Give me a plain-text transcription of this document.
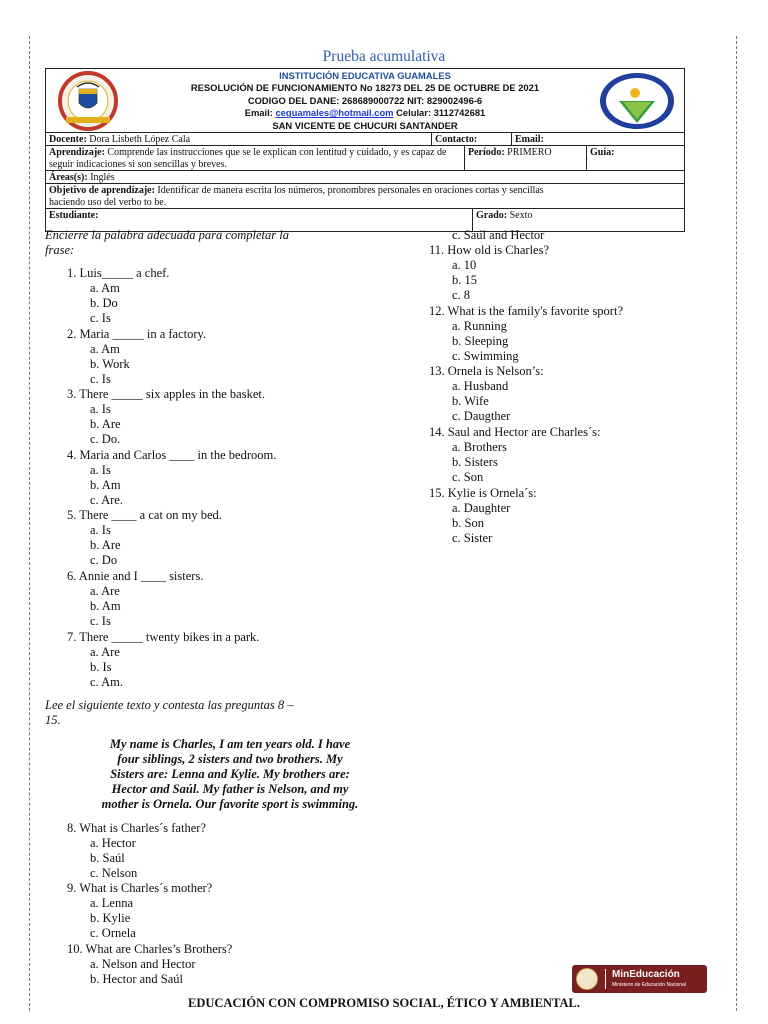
Prueba acumulativa
INSTITUCIÓN EDUCATIVA GUAMALES
RESOLUCIÓN DE FUNCIONAMIENTO No 18273 DEL 25 DE OCTUBRE DE 2021
CODIGO DEL DANE: 268689000722 NIT: 829002496-6
Email: ceguamales@hotmail.com Celular: 3112742681
SAN VICENTE DE CHUCURI SANTANDER
Docente: Dora Lisbeth López Cala	Contacto:	Email:
Aprendizaje: Comprende las instrucciones que se le explican con lentitud y cuidado, y es capaz de seguir indicaciones si son sencillas y breves.
Período: PRIMERO	Guía:
Áreas(s): Inglés
Objetivo de aprendizaje: Identificar de manera escrita los números, pronombres personales en oraciones cortas y sencillas
haciendo uso del verbo to be.
Estudiante:	Grado: Sexto
Encierre la palabra adecuada para completar la
frase:
1. Luis_____ a chef.
a. Am
b. Do
c. Is
2. Maria _____ in a factory.
a. Am
b. Work
c. Is
3. There _____ six apples in the basket.
a. Is
b. Are
c. Do.
4. Maria and Carlos ____ in the bedroom.
a. Is
b. Am
c. Are.
5. There ____ a cat on my bed.
a. Is
b. Are
c. Do
6. Annie and I ____ sisters.
a. Are
b. Am
c. Is
7. There _____ twenty bikes in a park.
a. Are
b. Is
c. Am.
Lee el siguiente texto y contesta las preguntas 8 –
15.
My name is Charles, I am ten years old. I have
four siblings, 2 sisters and two brothers. My
Sisters are: Lenna and Kylie. My brothers are:
Hector and Saúl. My father is Nelson, and my
mother is Ornela. Our favorite sport is swimming.
8. What is Charles´s father?
a. Hector
b. Saúl
c. Nelson
9. What is Charles´s mother?
a. Lenna
b. Kylie
c. Ornela
10. What are Charles’s Brothers?
a. Nelson and Hector
b. Hector and Saúl
c. Saúl and Hector
11. How old is Charles?
a. 10
b. 15
c. 8
12. What is the family's favorite sport?
a. Running
b. Sleeping
c. Swimming
13. Ornela is Nelson’s:
a. Husband
b. Wife
c. Daugther
14. Saul and Hector are Charles´s:
a. Brothers
b. Sisters
c. Son
15. Kylie is Ornela´s:
a. Daughter
b. Son
c. Sister
MinEducación
Ministerio de Educación Nacional
EDUCACIÓN CON COMPROMISO SOCIAL, ÉTICO Y AMBIENTAL.
